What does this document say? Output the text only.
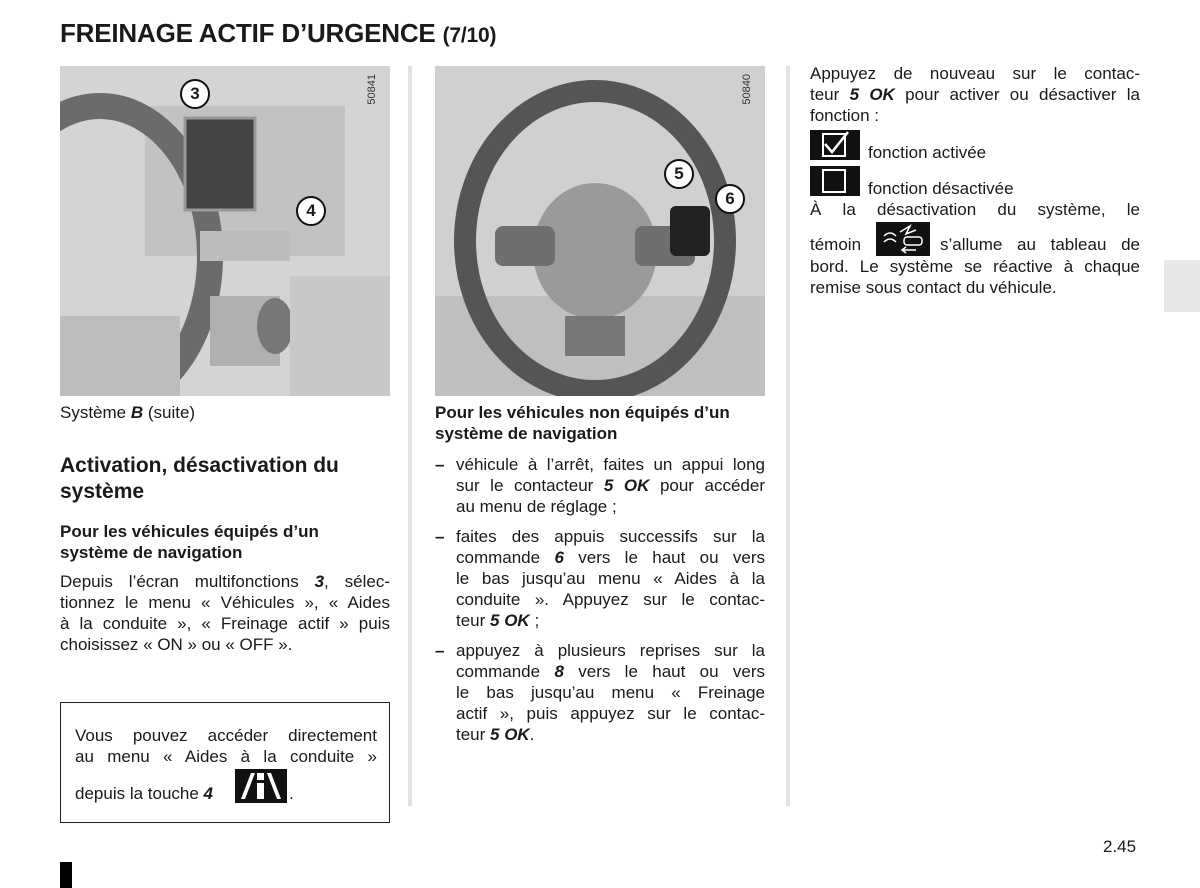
FREINAGE ACTIF D’URGENCE (7/10)
3
4
50841
5
6
50840
Système B (suite)
Activation, désactivation du
système
Pour les véhicules équipés d’un
système de navigation
Depuis l’écran multifonctions 3, sélec-
tionnez le menu « Véhicules », « Aides
à la conduite », « Freinage actif » puis
choisissez « ON » ou « OFF ».
Vous pouvez accéder directement
au menu « Aides à la conduite »
depuis la touche 4	.
Pour les véhicules non équipés d’un
système de navigation
– véhicule à l’arrêt, faites un appui long
sur le contacteur 5 OK pour accéder
au menu de réglage ;
– faites des appuis successifs sur la
commande 6 vers le haut ou vers
le bas jusqu’au menu « Aides à la
conduite ». Appuyez sur le contac-
teur 5 OK ;
– appuyez à plusieurs reprises sur la
commande 8 vers le haut ou vers
le bas jusqu’au menu « Freinage
actif », puis appuyez sur le contac-
teur 5 OK.
Appuyez de nouveau sur le contac-
teur 5 OK pour activer ou désactiver la
fonction :
fonction activée
fonction désactivée
À la désactivation du système, le
témoin	s’allume au tableau de
bord. Le système se réactive à chaque
remise sous contact du véhicule.
2.45
